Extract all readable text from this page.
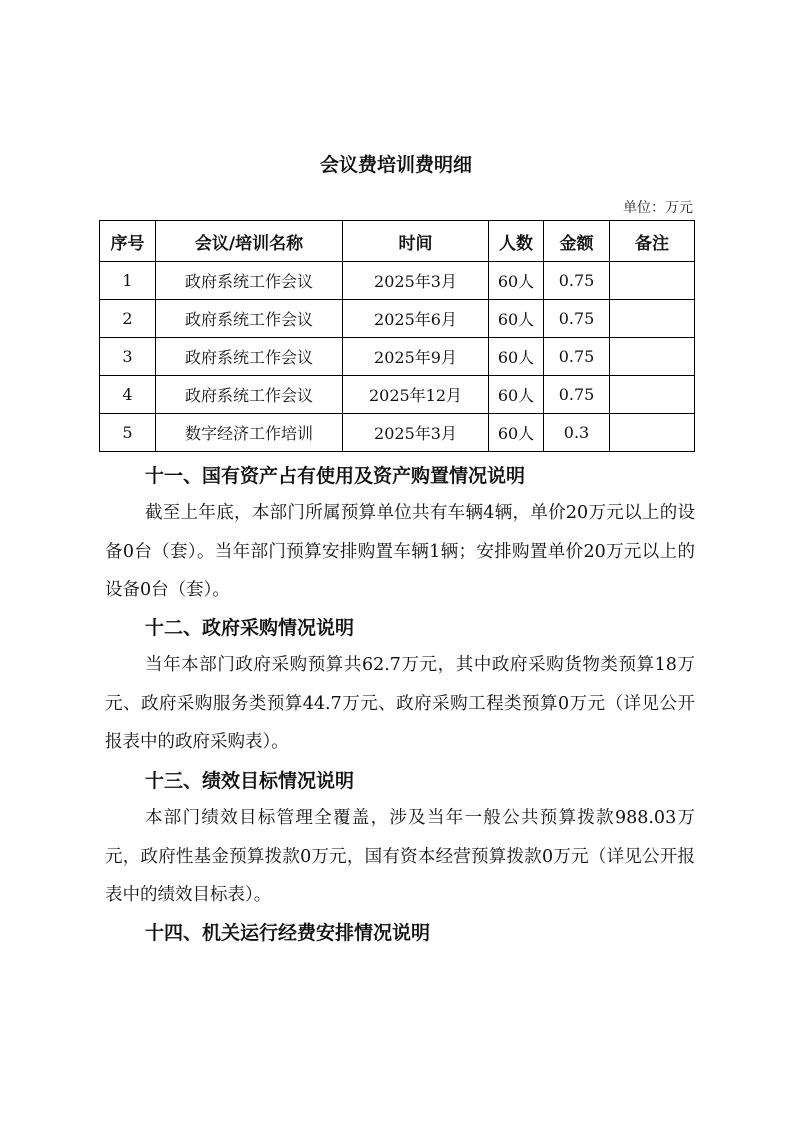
会议费培训费明细
单位：万元
序号	会议/培训名称	时间	人数	金额	备注
1	政府系统工作会议	2025年3月	60人	0.75	
2	政府系统工作会议	2025年6月	60人	0.75	
3	政府系统工作会议	2025年9月	60人	0.75	
4	政府系统工作会议	2025年12月	60人	0.75	
5	数字经济工作培训	2025年3月	60人	0.3	
十一、国有资产占有使用及资产购置情况说明
截至上年底，本部门所属预算单位共有车辆4辆，单价20万元以上的设备0台（套）。当年部门预算安排购置车辆1辆；安排购置单价20万元以上的设备0台（套）。
十二、政府采购情况说明
当年本部门政府采购预算共62.7万元，其中政府采购货物类预算18万元、政府采购服务类预算44.7万元、政府采购工程类预算0万元（详见公开报表中的政府采购表）。
十三、绩效目标情况说明
本部门绩效目标管理全覆盖，涉及当年一般公共预算拨款988.03万元，政府性基金预算拨款0万元，国有资本经营预算拨款0万元（详见公开报表中的绩效目标表）。
十四、机关运行经费安排情况说明
